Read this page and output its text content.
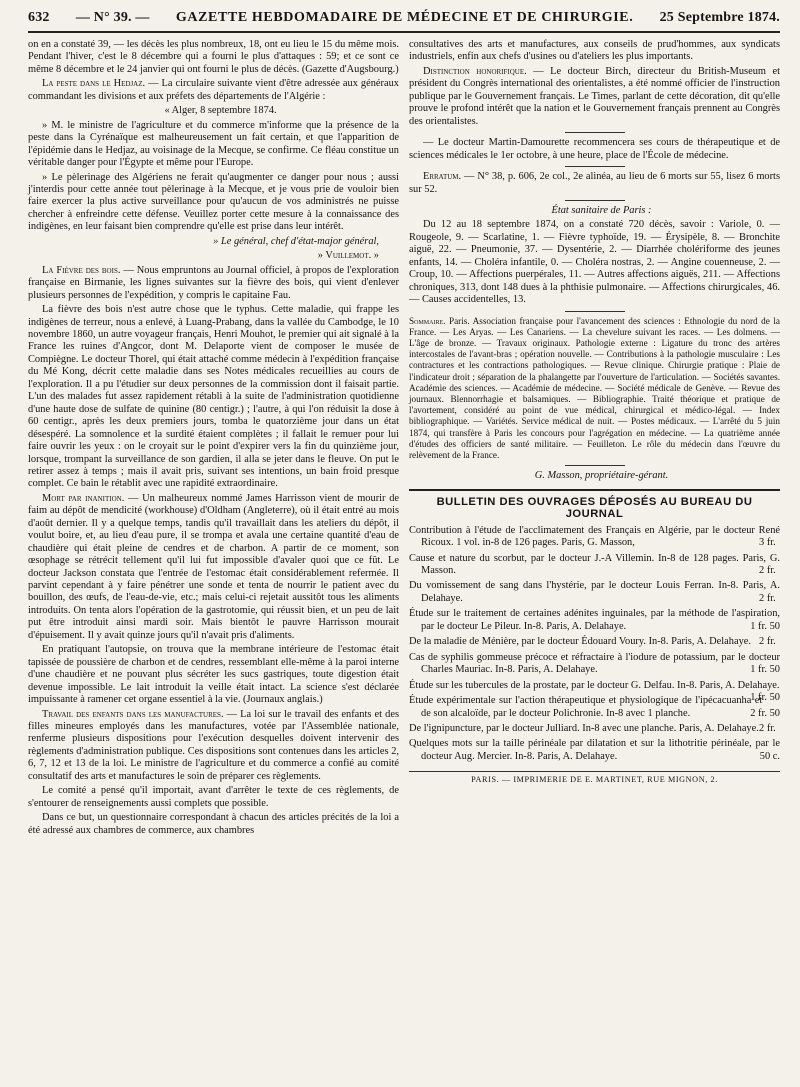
632 — N° 39. — GAZETTE HEBDOMADAIRE DE MÉDECINE ET DE CHIRURGIE. 25 Septembre 1874.

on en a constaté 39, — les décès les plus nombreux, 18, ont eu lieu le 15 du même mois. Pendant l'hiver, c'est le 8 décembre qui a fourni le plus d'attaques : 59; et ce sont ce même 8 décembre et le 24 janvier qui ont fourni le plus de décès. (Gazette d'Augsbourg.)

La peste dans le Hedjaz. — La circulaire suivante vient d'être adressée aux généraux commandant les divisions et aux préfets des départements de l'Algérie :

« Alger, 8 septembre 1874.

» M. le ministre de l'agriculture et du commerce m'informe que la présence de la peste dans la Cyrénaïque est malheureusement un fait certain, et que l'apparition de l'épidémie dans le Hedjaz, au voisinage de la Mecque, se confirme. Ce fléau constitue un véritable danger pour l'Égypte et même pour l'Europe.

» Le pèlerinage des Algériens ne ferait qu'augmenter ce danger pour nous ; aussi j'interdis pour cette année tout pèlerinage à la Mecque, et je vous prie de vouloir bien faire exercer la plus active surveillance pour qu'aucun de vos administrés ne puisse chercher à enfreindre cette défense. Veuillez porter cette mesure à la connaissance des indigènes, en leur faisant bien comprendre qu'elle est prise dans leur intérêt.

» Le général, chef d'état-major général,

» Vuillemot. »

La Fièvre des bois. — Nous empruntons au Journal officiel, à propos de l'exploration française en Birmanie, les lignes suivantes sur la fièvre des bois, qui vient d'enlever plusieurs personnes de l'expédition, y compris le capitaine Fau.

La fièvre des bois n'est autre chose que le typhus. Cette maladie, qui frappe les indigènes de terreur, nous a enlevé, à Luang-Prabang, dans la vallée du Cambodge, le 10 novembre 1860, un autre voyageur français, Henri Mouhot, le premier qui ait signalé à la France les ruines d'Angcor, dont M. Delaporte vient de composer le musée de Compiègne. Le docteur Thorel, qui était attaché comme médecin à l'expédition française du Mé Kong, décrit cette maladie dans ses Notes médicales recueillies au cours de l'exploration. Il a pu l'étudier sur deux personnes de la commission dont il faisait partie. L'un des malades fut assez rapidement rétabli à la suite de l'administration quotidienne d'une haute dose de sulfate de quinine (80 centigr.) ; l'autre, à qui l'on réduisit la dose à 60 centigr., après les deux premiers jours, tomba le quatorzième jour dans un état désespéré. La somnolence et la surdité étaient complètes ; il fallait le remuer pour lui faire ouvrir les yeux : on le croyait sur le point d'expirer vers la fin du quinzième jour, lorsque, trompant la surveillance de son gardien, il alla se jeter dans le fleuve. On put le retirer assez à temps ; mais il avait pris, suivant ses intentions, un bain froid presque complet. Ce bain le rétablit avec une rapidité extraordinaire.

Mort par inanition. — Un malheureux nommé James Harrisson vient de mourir de faim au dépôt de mendicité (workhouse) d'Oldham (Angleterre), où il était entré au mois d'août dernier. Il y a quelque temps, tandis qu'il travaillait dans les ateliers du dépôt, il voulut boire, et, au lieu d'eau pure, il se trompa et avala une certaine quantité d'eau de chaudière qui était pleine de cendres et de charbon. A partir de ce moment, son œsophage se rétrécit tellement qu'il lui fut impossible d'avaler quoi que ce fût. Le docteur Jackson constata que l'entrée de l'estomac était considérablement refermée. Il parvint cependant à y faire pénétrer une sonde et tenta de nourrir le patient avec du bouillon, des œufs, de l'eau-de-vie, etc.; mais celui-ci rejetait aussitôt tous les aliments introduits. On tenta alors l'opération de la gastrotomie, qui réussit bien, et un peu de lait put être introduit ainsi mardi soir. Mais bientôt le pauvre Harrisson mourait d'épuisement. Il y avait quinze jours qu'il n'avait pris d'aliments.

En pratiquant l'autopsie, on trouva que la membrane intérieure de l'estomac était tapissée de poussière de charbon et de cendres, ressemblant elle-même à la paroi interne d'une chaudière et ne pouvant plus sécréter les sucs gastriques, toute digestion était devenue impossible. Le lait introduit la veille était intact. La science s'est déclarée impuissante à ramener cet organe essentiel à la vie. (Journaux anglais.)

Travail des enfants dans les manufactures. — La loi sur le travail des enfants et des filles mineures employés dans les manufactures, votée par l'Assemblée nationale, renferme plusieurs dispositions pour l'exécution desquelles doivent intervenir des règlements d'administration publique. Ces dispositions sont contenues dans les articles 2, 6, 7, 12 et 13 de la loi. Le ministre de l'agriculture et du commerce a confié au comité consultatif des arts et manufactures le soin de préparer ces règlements.

Le comité a pensé qu'il importait, avant d'arrêter le texte de ces règlements, de s'entourer de renseignements aussi complets que possible.

Dans ce but, un questionnaire correspondant à chacun des articles précités de la loi a été adressé aux chambres de commerce, aux chambres

consultatives des arts et manufactures, aux conseils de prud'hommes, aux syndicats industriels, enfin aux chefs d'usines ou d'ateliers les plus importants.

Distinction honorifique. — Le docteur Birch, directeur du British-Museum et président du Congrès international des orientalistes, a été nommé officier de l'instruction publique par le Gouvernement français. Le Times, parlant de cette décoration, dit qu'elle prouve le profond intérêt que la nation et le Gouvernement français prennent au Congrès des orientalistes.

— Le docteur Martin-Damourette recommencera ses cours de thérapeutique et de sciences médicales le 1er octobre, à une heure, place de l'École de médecine.

Erratum. — N° 38, p. 606, 2e col., 2e alinéa, au lieu de 6 morts sur 55, lisez 6 morts sur 52.

État sanitaire de Paris :

Du 12 au 18 septembre 1874, on a constaté 720 décès, savoir : Variole, 0. — Rougeole, 9. — Scarlatine, 1. — Fièvre typhoïde, 19. — Érysipèle, 8. — Bronchite aiguë, 22. — Pneumonie, 37. — Dysentérie, 2. — Diarrhée cholériforme des jeunes enfants, 14. — Choléra infantile, 0. — Choléra nostras, 2. — Angine couenneuse, 2. — Croup, 10. — Affections puerpérales, 11. — Autres affections aiguës, 211. — Affections chroniques, 313, dont 148 dues à la phthisie pulmonaire. — Affections chirurgicales, 46. — Causes accidentelles, 13.

Sommaire. Paris. Association française pour l'avancement des sciences : Ethnologie du nord de la France. — Les Aryas. — Les Canariens. — La chevelure suivant les races. — Les dolmens. — L'âge de bronze. — Travaux originaux. Pathologie externe : Ligature du tronc des artères intercostales de l'avant-bras ; opération nouvelle. — Contributions à la pathologie musculaire : Les contractures et les contractions pathologiques. — Revue clinique. Chirurgie pratique : Plaie de l'indicateur droit ; séparation de la phalangette par l'ouverture de l'articulation. — Sociétés savantes. Académie des sciences. — Académie de médecine. — Société médicale de Genève. — Revue des journaux. Blennorrhagie et balsamiques. — Bibliographie. Traité théorique et pratique de l'avortement, considéré au point de vue médical, chirurgical et médico-légal. — Index bibliographique. — Variétés. Service médical de nuit. — Postes médicaux. — L'arrêté du 5 juin 1874, qui transfère à Paris les concours pour l'agrégation en médecine. — La quatrième année d'études des officiers de santé militaire. — Feuilleton. Le rôle du médecin dans l'œuvre du relèvement de la France.

G. Masson, propriétaire-gérant.

BULLETIN DES OUVRAGES DÉPOSÉS AU BUREAU DU JOURNAL

Contribution à l'étude de l'acclimatement des Français en Algérie, par le docteur René Ricoux. 1 vol. in-8 de 126 pages. Paris, G. Masson,	3 fr.

Cause et nature du scorbut, par le docteur J.-A Villemin. In-8 de 128 pages. Paris, G. Masson.	2 fr.

Du vomissement de sang dans l'hystérie, par le docteur Louis Ferran. In-8. Paris, A. Delahaye.	2 fr.

Étude sur le traitement de certaines adénites inguinales, par la méthode de l'aspiration, par le docteur Le Pileur. In-8. Paris, A. Delahaye.	1 fr. 50

De la maladie de Ménière, par le docteur Édouard Voury. In-8. Paris, A. Delahaye. 2 fr.

Cas de syphilis gommeuse précoce et réfractaire à l'iodure de potassium, par le docteur Charles Mauriac. In-8. Paris, A. Delahaye.	1 fr. 50

Étude sur les tubercules de la prostate, par le docteur G. Delfau. In-8. Paris, A. Delahaye.
1 fr. 50

Étude expérimentale sur l'action thérapeutique et physiologique de l'ipécacuanha et de son alcaloïde, par le docteur Polichronie. In-8 avec 1 planche.	2 fr. 50

De l'ignipuncture, par le docteur Julliard. In-8 avec une planche. Paris, A. Delahaye. 2 fr.

Quelques mots sur la taille périnéale par dilatation et sur la lithotritie périnéale, par le docteur Aug. Mercier. In-8. Paris, A. Delahaye.	50 c.

PARIS. — IMPRIMERIE DE E. MARTINET, RUE MIGNON, 2.
